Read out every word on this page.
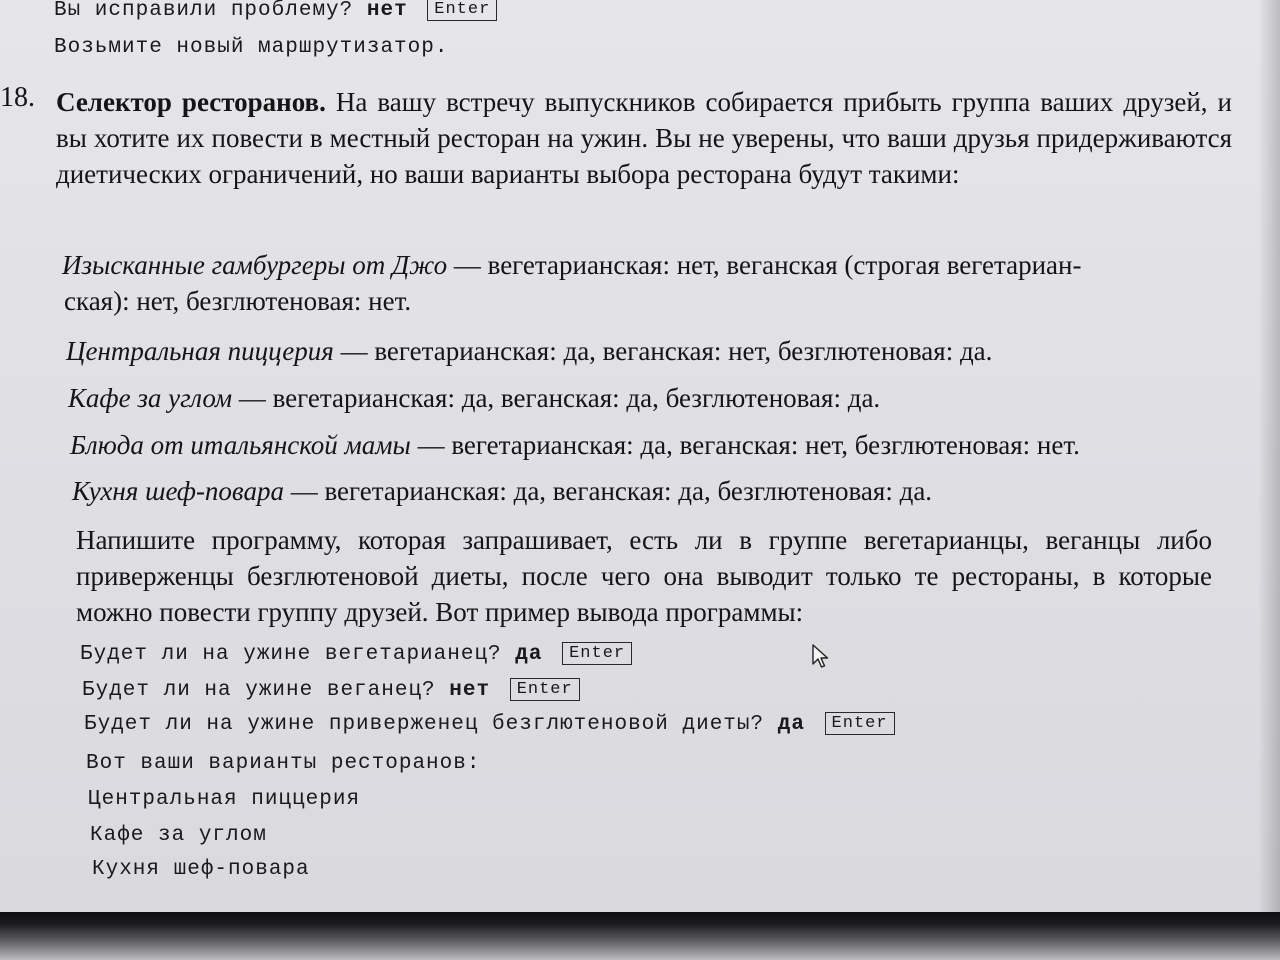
Вы исправили проблему? нет Enter
Возьмите новый маршрутизатор.
18. Селектор ресторанов. На вашу встречу выпускников собирается прибыть группа ваших друзей, и вы хотите их повести в местный ресторан на ужин. Вы не уверены, что ваши друзья придерживаются диетических ограничений, но ваши варианты выбора ресторана будут такими:
Изысканные гамбургеры от Джо — вегетарианская: нет, веганская (строгая вегетариан-
ская): нет, безглютеновая: нет.
Центральная пиццерия — вегетарианская: да, веганская: нет, безглютеновая: да.
Кафе за углом — вегетарианская: да, веганская: да, безглютеновая: да.
Блюда от итальянской мамы — вегетарианская: да, веганская: нет, безглютеновая: нет.
Кухня шеф-повара — вегетарианская: да, веганская: да, безглютеновая: да.
Напишите программу, которая запрашивает, есть ли в группе вегетарианцы, веганцы либо приверженцы безглютеновой диеты, после чего она выводит только те рестораны, в которые можно повести группу друзей. Вот пример вывода программы:
Будет ли на ужине вегетарианец? да Enter
Будет ли на ужине веганец? нет Enter
Будет ли на ужине приверженец безглютеновой диеты? да Enter
Вот ваши варианты ресторанов:
Центральная пиццерия
Кафе за углом
Кухня шеф-повара
